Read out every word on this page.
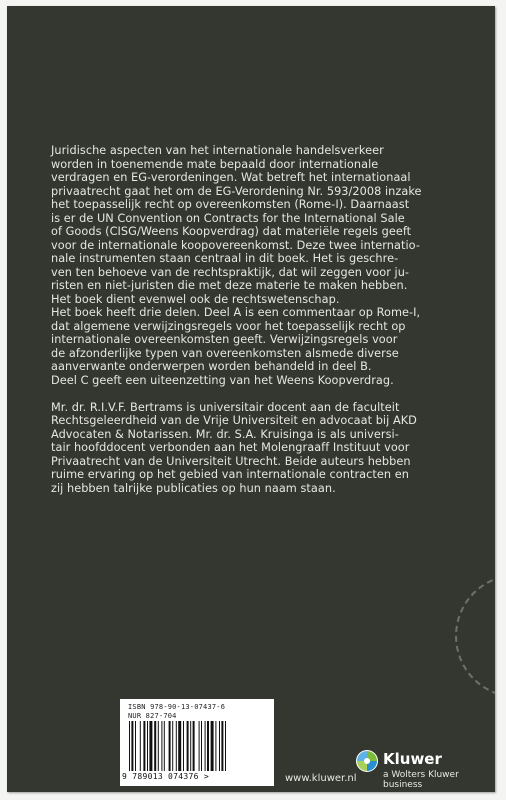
Juridische aspecten van het internationale handelsverkeer

worden in toenemende mate bepaald door internationale

verdragen en EG-verordeningen. Wat betreft het internationaal

privaatrecht gaat het om de EG-Verordening Nr. 593/2008 inzake

het toepasselijk recht op overeenkomsten (Rome-I). Daarnaast

is er de UN Convention on Contracts for the International Sale

of Goods (CISG/Weens Koopverdrag) dat materiële regels geeft

voor de internationale koopovereenkomst. Deze twee internatio-

nale instrumenten staan centraal in dit boek. Het is geschre-

ven ten behoeve van de rechtspraktijk, dat wil zeggen voor ju-

risten en niet-juristen die met deze materie te maken hebben.

Het boek dient evenwel ook de rechtswetenschap.

Het boek heeft drie delen. Deel A is een commentaar op Rome-I,

dat algemene verwijzingsregels voor het toepasselijk recht op

internationale overeenkomsten geeft. Verwijzingsregels voor

de afzonderlijke typen van overeenkomsten alsmede diverse

aanverwante onderwerpen worden behandeld in deel B.

Deel C geeft een uiteenzetting van het Weens Koopverdrag.

Mr. dr. R.I.V.F. Bertrams is universitair docent aan de faculteit

Rechtsgeleerdheid van de Vrije Universiteit en advocaat bij AKD

Advocaten & Notarissen. Mr. dr. S.A. Kruisinga is als universi-

tair hoofddocent verbonden aan het Molengraaff Instituut voor

Privaatrecht van de Universiteit Utrecht. Beide auteurs hebben

ruime ervaring op het gebied van internationale contracten en

zij hebben talrijke publicaties op hun naam staan.

ISBN 978-90-13-07437-6
NUR 827-704
9 789013 074376 >	www.kluwer.nl
Kluwer
a Wolters Kluwer business
